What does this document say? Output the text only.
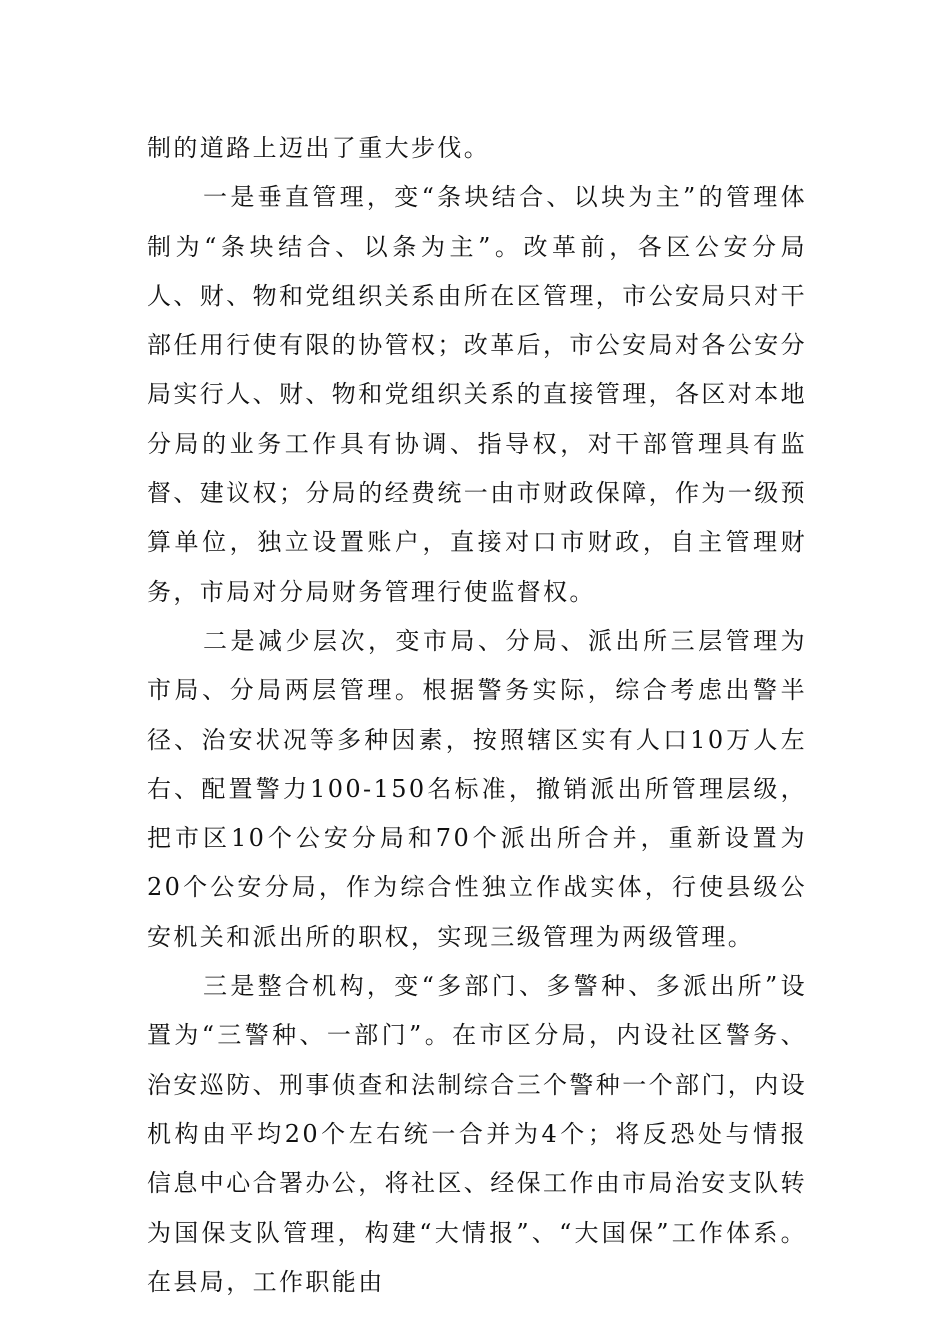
制的道路上迈出了重大步伐。

一是垂直管理，变“条块结合、以块为主”的管理体制为“条块结合、以条为主”。改革前，各区公安分局人、财、物和党组织关系由所在区管理，市公安局只对干部任用行使有限的协管权；改革后，市公安局对各公安分局实行人、财、物和党组织关系的直接管理，各区对本地分局的业务工作具有协调、指导权，对干部管理具有监督、建议权；分局的经费统一由市财政保障，作为一级预算单位，独立设置账户，直接对口市财政，自主管理财务，市局对分局财务管理行使监督权。

二是减少层次，变市局、分局、派出所三层管理为市局、分局两层管理。根据警务实际，综合考虑出警半径、治安状况等多种因素，按照辖区实有人口10万人左右、配置警力100-150名标准，撤销派出所管理层级，把市区10个公安分局和70个派出所合并，重新设置为20个公安分局，作为综合性独立作战实体，行使县级公安机关和派出所的职权，实现三级管理为两级管理。

三是整合机构，变“多部门、多警种、多派出所”设置为“三警种、一部门”。在市区分局，内设社区警务、治安巡防、刑事侦查和法制综合三个警种一个部门，内设机构由平均20个左右统一合并为4个；将反恐处与情报信息中心合署办公，将社区、经保工作由市局治安支队转为国保支队管理，构建“大情报”、“大国保”工作体系。在县局，工作职能由
